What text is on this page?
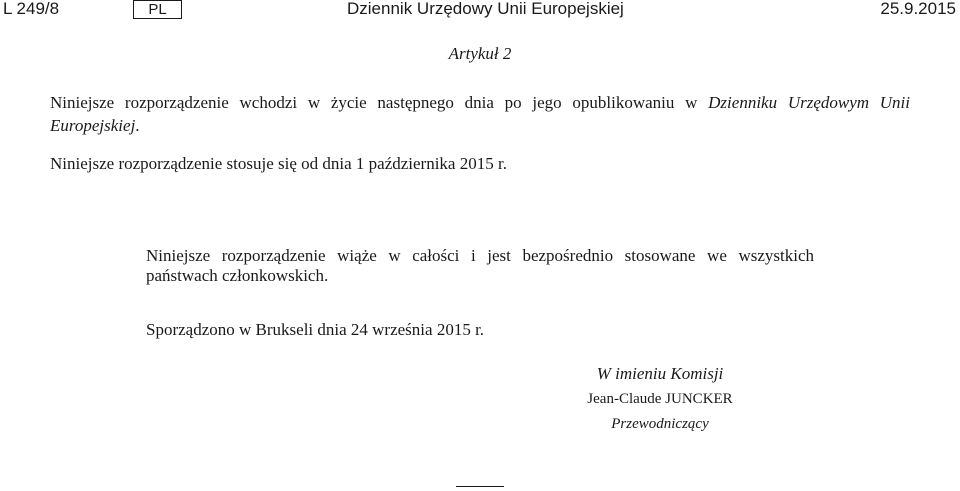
L 249/8	PL	Dziennik Urzędowy Unii Europejskiej	25.9.2015
Artykuł 2
Niniejsze rozporządzenie wchodzi w życie następnego dnia po jego opublikowaniu w Dzienniku Urzędowym Unii Europejskiej.
Niniejsze rozporządzenie stosuje się od dnia 1 października 2015 r.
Niniejsze rozporządzenie wiąże w całości i jest bezpośrednio stosowane we wszystkich państwach członkowskich.
Sporządzono w Brukseli dnia 24 września 2015 r.
W imieniu Komisji
Jean-Claude JUNCKER
Przewodniczący
